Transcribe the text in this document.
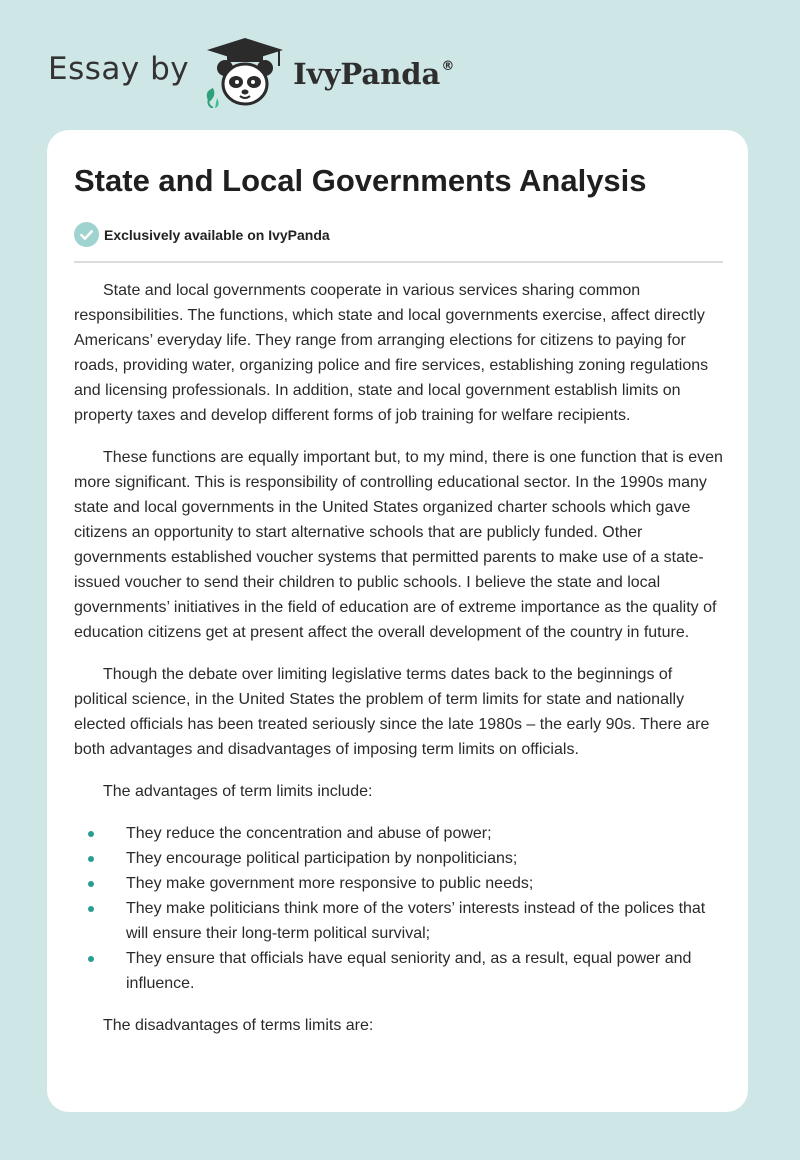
Essay by	IvyPanda®
State and Local Governments Analysis
Exclusively available on IvyPanda

State and local governments cooperate in various services sharing common responsibilities. The functions, which state and local governments exercise, affect directly Americans’ everyday life. They range from arranging elections for citizens to paying for roads, providing water, organizing police and fire services, establishing zoning regulations and licensing professionals. In addition, state and local government establish limits on property taxes and develop different forms of job training for welfare recipients.

These functions are equally important but, to my mind, there is one function that is even more significant. This is responsibility of controlling educational sector. In the 1990s many state and local governments in the United States organized charter schools which gave citizens an opportunity to start alternative schools that are publicly funded. Other governments established voucher systems that permitted parents to make use of a state-issued voucher to send their children to public schools. I believe the state and local governments’ initiatives in the field of education are of extreme importance as the quality of education citizens get at present affect the overall development of the country in future.

Though the debate over limiting legislative terms dates back to the beginnings of political science, in the United States the problem of term limits for state and nationally elected officials has been treated seriously since the late 1980s – the early 90s. There are both advantages and disadvantages of imposing term limits on officials.

The advantages of term limits include:

They reduce the concentration and abuse of power;
They encourage political participation by nonpoliticians;
They make government more responsive to public needs;
They make politicians think more of the voters’ interests instead of the polices that will ensure their long-term political survival;
They ensure that officials have equal seniority and, as a result, equal power and influence.

The disadvantages of terms limits are:
